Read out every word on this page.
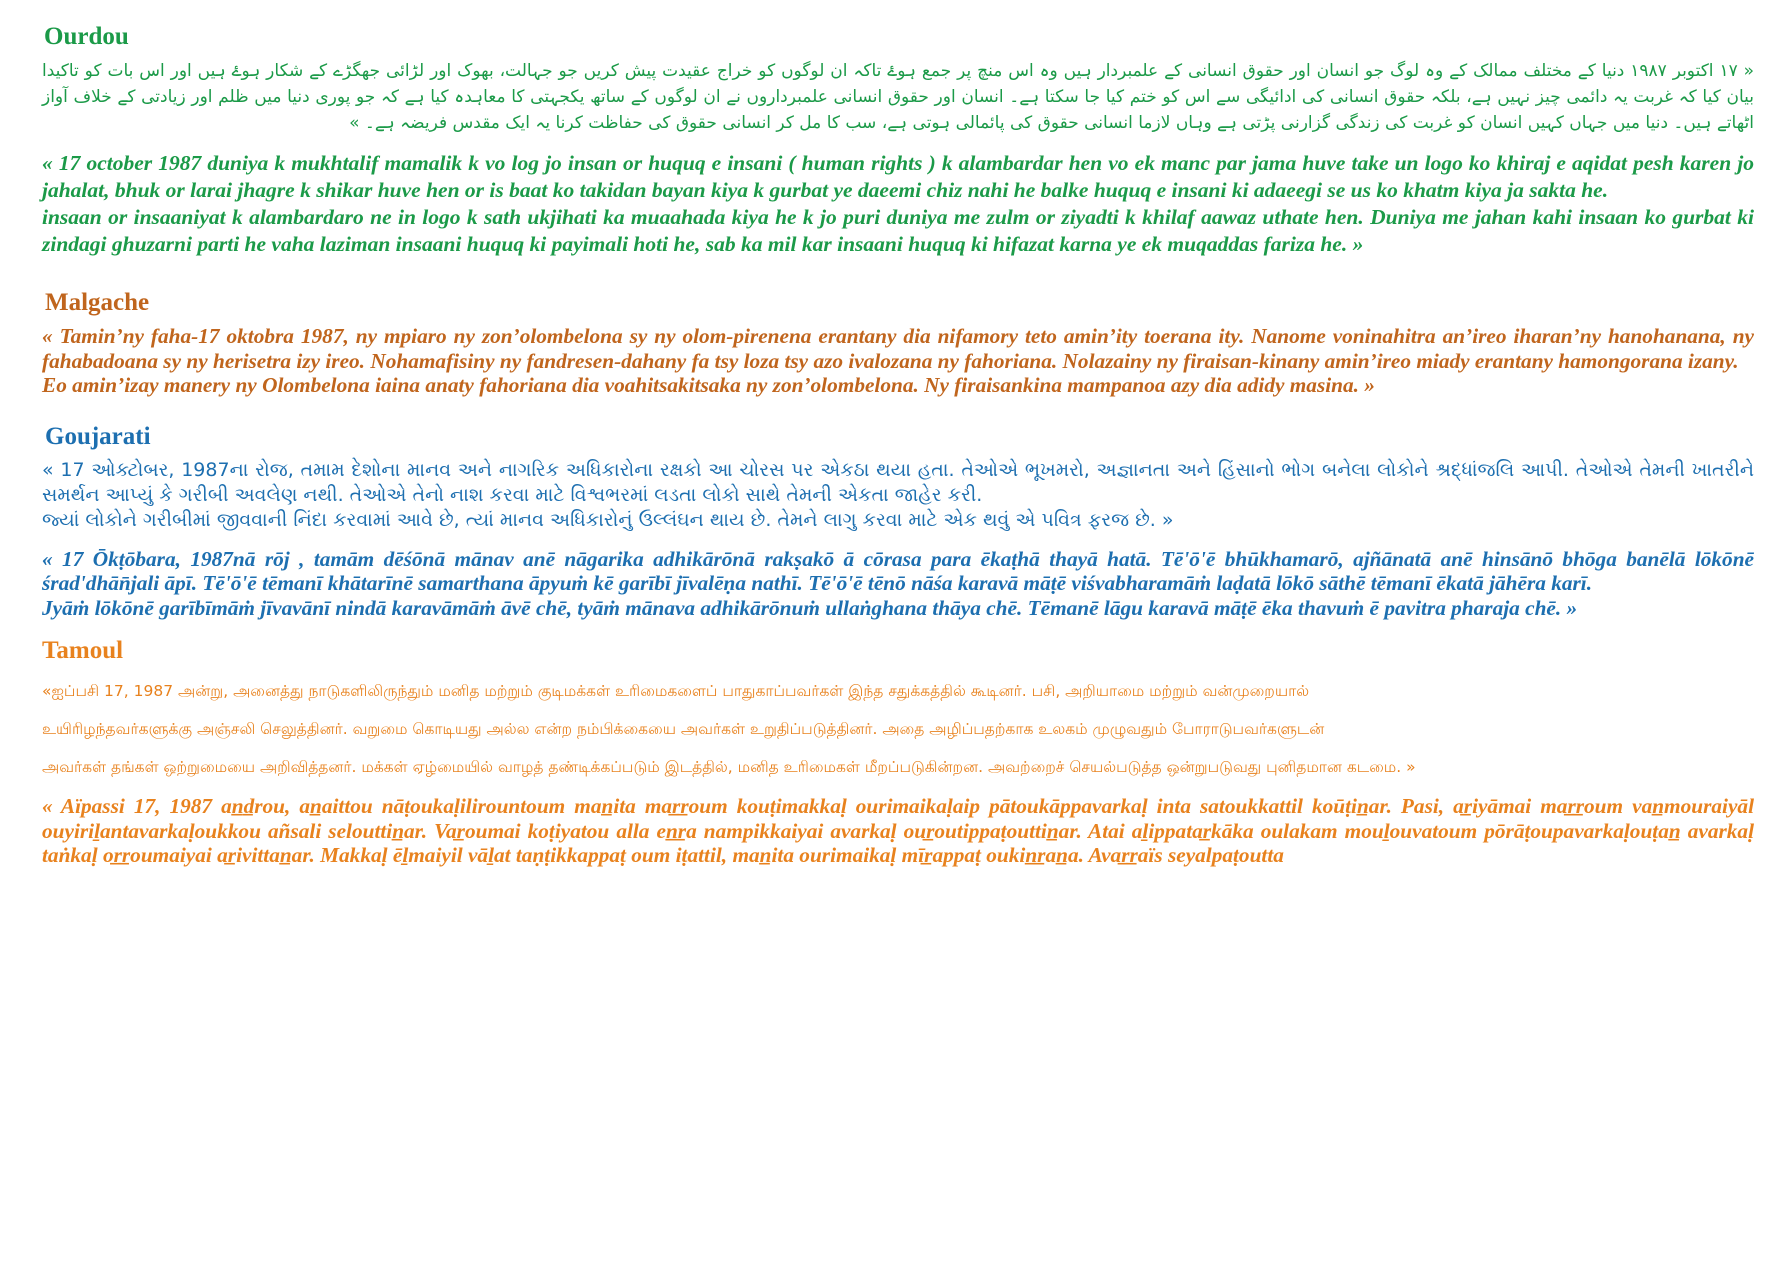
Ourdou

« ۱۷ اکتوبر ۱۹۸۷ دنیا کے مختلف ممالک کے وہ لوگ جو انسان اور حقوق انسانی کے علمبردار ہیں وہ اس منچ پر جمع ہوۓ تاکہ ان لوگوں کو خراج عقیدت پیش کریں جو جہالت، بھوک اور لڑائی جھگڑے کے شکار ہوۓ ہیں اور اس بات کو تاکیدا بیان کیا کہ غربت یہ دائمی چیز نہیں ہے، بلکہ حقوق انسانی کی ادائیگی سے اس کو ختم کیا جا سکتا ہے۔ انسان اور حقوق انسانی علمبرداروں نے ان لوگوں کے ساتھ یکجہتی کا معاہدہ کیا ہے کہ جو پوری دنیا میں ظلم اور زیادتی کے خلاف آواز اٹھاتے ہیں۔ دنیا میں جہاں کہیں انسان کو غربت کی زندگی گزارنی پڑتی ہے وہاں لازما انسانی حقوق کی پائمالی ہوتی ہے، سب کا مل کر انسانی حقوق کی حفاظت کرنا یہ ایک مقدس فریضہ ہے۔ »

« 17 october 1987 duniya k mukhtalif mamalik k vo log jo insan or huquq e insani ( human rights ) k alambardar hen vo ek manc par jama huve take un logo ko khiraj e aqidat pesh karen jo jahalat, bhuk or larai jhagre k shikar huve hen or is baat ko takidan bayan kiya k gurbat ye daeemi chiz nahi he balke huquq e insani ki adaeegi se us ko khatm kiya ja sakta he.
insaan or insaaniyat k alambardaro ne in logo k sath ukjihati ka muaahada kiya he k jo puri duniya me zulm or ziyadti k khilaf aawaz uthate hen. Duniya me jahan kahi insaan ko gurbat ki zindagi ghuzarni parti he vaha laziman insaani huquq ki payimali hoti he, sab ka mil kar insaani huquq ki hifazat karna ye ek muqaddas fariza he. »

Malgache

« Tamin’ny faha-17 oktobra 1987, ny mpiaro ny zon’olombelona sy ny olom-pirenena erantany dia nifamory teto amin’ity toerana ity. Nanome voninahitra an’ireo iharan’ny hanohanana, ny fahabadoana sy ny herisetra izy ireo. Nohamafisiny ny fandresen-dahany fa tsy loza tsy azo ivalozana ny fahoriana. Nolazainy ny firaisan-kinany amin’ireo miady erantany hamongorana izany.
Eo amin’izay manery ny Olombelona iaina anaty fahoriana dia voahitsakitsaka ny zon’olombelona. Ny firaisankina mampanoa azy dia adidy masina. »

Goujarati

« 17 ઓક્ટોબર, 1987ના રોજ, તમામ દેશોના માનવ અને નાગરિક અધિકારોના રક્ષકો આ ચોરસ પર એકઠા થયા હતા. તેઓએ ભૂખમરો, અજ્ઞાનતા અને હિંસાનો ભોગ બનેલા લોકોને શ્રદ્ધાંજલિ આપી. તેઓએ તેમની ખાતરીને સમર્થન આપ્યું કે ગરીબી અવલેણ નથી. તેઓએ તેનો નાશ કરવા માટે વિશ્વભરમાં લડતા લોકો સાથે તેમની એકતા જાહેર કરી.
જ્યાં લોકોને ગરીબીમાં જીવવાની નિંદા કરવામાં આવે છે, ત્યાં માનવ અધિકારોનું ઉલ્લંઘન થાય છે. તેમને લાગુ કરવા માટે એક થવું એ પવિત્ર ફરજ છે. »

« 17 Ōkṭōbara, 1987nā rōj , tamām dēśōnā mānav anē nāgarika adhikārōnā rakṣakō ā cōrasa para ēkaṭhā thayā hatā. Tē'ō'ē bhūkhamarō, ajñānatā anē hinsānō bhōga banēlā lōkōnē śrad'dhān̄jali āpī. Tē'ō'ē tēmanī khātarīnē samarthana āpyuṁ kē garībī jīvalēṇa nathī. Tē'ō'ē tēnō nāśa karavā māṭē viśvabharamāṁ laḍatā lōkō sāthē tēmanī ēkatā jāhēra karī.
Jyāṁ lōkōnē garībīmāṁ jīvavānī nindā karavāmāṁ āvē chē, tyāṁ mānava adhikārōnuṁ ullaṅghana thāya chē. Tēmanē lāgu karavā māṭē ēka thavuṁ ē pavitra pharaja chē. »

Tamoul

«ஐப்பசி 17, 1987 அன்று, அனைத்து நாடுகளிலிருந்தும் மனித மற்றும் குடிமக்கள் உரிமைகளைப் பாதுகாப்பவர்கள் இந்த சதுக்கத்தில் கூடினர். பசி, அறியாமை மற்றும் வன்முறையால்
உயிரிழந்தவர்களுக்கு அஞ்சலி செலுத்தினர். வறுமை கொடியது அல்ல என்ற நம்பிக்கையை அவர்கள் உறுதிப்படுத்தினர். அதை அழிப்பதற்காக உலகம் முழுவதும் போராடுபவர்களுடன்
அவர்கள் தங்கள் ஒற்றுமையை அறிவித்தனர். மக்கள் ஏழ்மையில் வாழத் தண்டிக்கப்படும் இடத்தில், மனித உரிமைகள் மீறப்படுகின்றன. அவற்றைச் செயல்படுத்த ஒன்றுபடுவது புனிதமான கடமை. »

« Aïpassi 17, 1987 an̲d̲rou, an̲aittou nāṭoukaḷilirountoum man̲ita mar̲r̲oum kouṭimakkaḷ ourimaikaḷaip pātoukāppavarkaḷ inta satoukkattil koūṭin̲ar. Pasi, ar̲iyāmai mar̲r̲oum van̲mouraiyāl ouyiriḻantavarkaḷoukkou añsali selouttin̲ar. Var̲oumai koṭiyatou alla en̲r̲a nampikkaiyai avarkaḷ our̲outippaṭouttin̲ar. Atai aḻippatar̲kāka oulakam mouḻouvatoum pōrāṭoupavarkaḷouṭan̲ avarkaḷ taṅkaḷ or̲r̲oumaiyai ar̲ivittan̲ar. Makkaḷ ēḻmaiyil vāḻat taṇṭikkappaṭ oum iṭattil, man̲ita ourimaikaḷ mīr̲appaṭ oukin̲r̲an̲a. Avar̲r̲aïs seyalpaṭoutta
